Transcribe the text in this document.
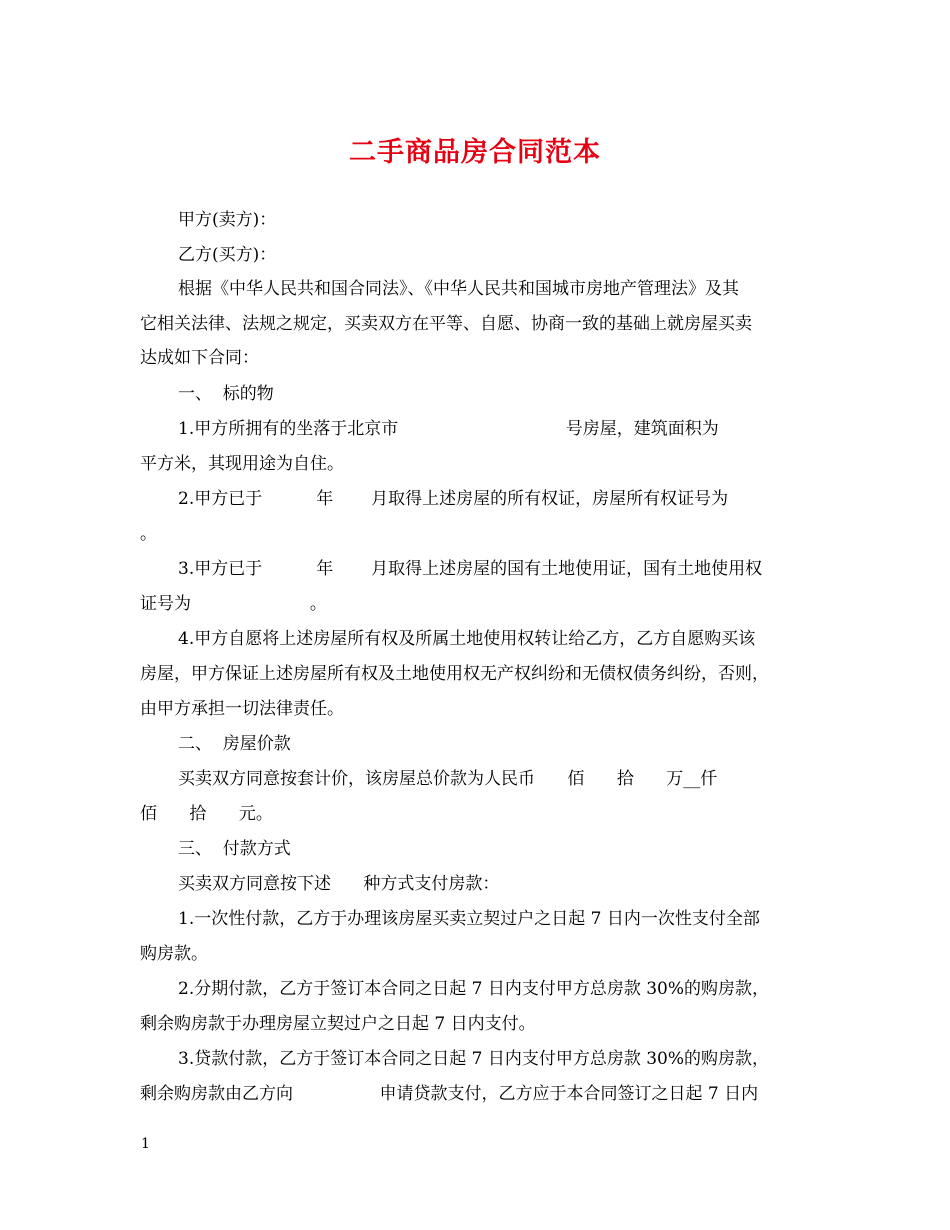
二手商品房合同范本
甲方(卖方)：
乙方(买方)：
根据《中华人民共和国合同法》、《中华人民共和国城市房地产管理法》及其
它相关法律、法规之规定，买卖双方在平等、自愿、协商一致的基础上就房屋买卖
达成如下合同：
一、  标的物
1.甲方所拥有的坐落于北京市                               号房屋，建筑面积为
平方米，其现用途为自住。
2.甲方已于          年       月取得上述房屋的所有权证，房屋所有权证号为
。
3.甲方已于          年       月取得上述房屋的国有土地使用证，国有土地使用权
证号为                      。
4.甲方自愿将上述房屋所有权及所属土地使用权转让给乙方，乙方自愿购买该
房屋，甲方保证上述房屋所有权及土地使用权无产权纠纷和无债权债务纠纷，否则，
由甲方承担一切法律责任。
二、  房屋价款
买卖双方同意按套计价，该房屋总价款为人民币      佰      拾      万__仟
佰      拾      元。
三、  付款方式
买卖双方同意按下述      种方式支付房款：
1.一次性付款，乙方于办理该房屋买卖立契过户之日起 7 日内一次性支付全部
购房款。
2.分期付款，乙方于签订本合同之日起 7 日内支付甲方总房款 30%的购房款，
剩余购房款于办理房屋立契过户之日起 7 日内支付。
3.贷款付款，乙方于签订本合同之日起 7 日内支付甲方总房款 30%的购房款，
剩余购房款由乙方向                申请贷款支付，乙方应于本合同签订之日起 7 日内
1
